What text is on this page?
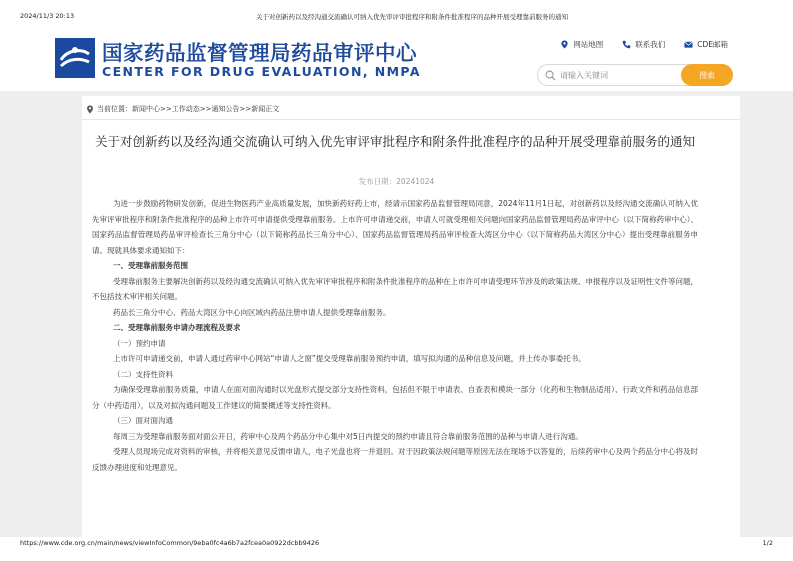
2024/11/3 20:13	关于对创新药以及经沟通交流确认可纳入优先审评审批程序和附条件批准程序的品种开展受理靠前服务的通知
国家药品监督管理局药品审评中心
CENTER FOR DRUG EVALUATION, NMPA
网站地图	联系我们	CDE邮箱
请输入关键词
搜索
当前位置： 新闻中心 >> 工作动态 >> 通知公告 >> 新闻正文
关于对创新药以及经沟通交流确认可纳入优先审评审批程序和附条件批准程序的品种开展受理靠前服务的通知
发布日期：20241024

为进一步鼓励药物研发创新，促进生物医药产业高质量发展，加快新药好药上市，经请示国家药品监督管理局同意，2024年11月1日起，对创新药以及经沟通交流确认可纳入优先审评审批程序和附条件批准程序的品种上市许可申请提供受理靠前服务。上市许可申请递交前，申请人可就受理相关问题向国家药品监督管理局药品审评中心（以下简称药审中心）、国家药品监督管理局药品审评检查长三角分中心（以下简称药品长三角分中心）、国家药品监督管理局药品审评检查大湾区分中心（以下简称药品大湾区分中心）提出受理靠前服务申请。现就具体要求通知如下：

一、受理靠前服务范围

受理靠前服务主要解决创新药以及经沟通交流确认可纳入优先审评审批程序和附条件批准程序的品种在上市许可申请受理环节涉及的政策法规、申报程序以及证明性文件等问题，不包括技术审评相关问题。

药品长三角分中心、药品大湾区分中心向区域内药品注册申请人提供受理靠前服务。

二、受理靠前服务申请办理流程及要求

（一）预约申请

上市许可申请递交前，申请人通过药审中心网站“申请人之窗”提交受理靠前服务预约申请，填写拟沟通的品种信息及问题，并上传办事委托书。

（二）支持性资料

为确保受理靠前服务质量，申请人在面对面沟通时以光盘形式提交部分支持性资料，包括但不限于申请表、自查表和模块一部分（化药和生物制品适用）、行政文件和药品信息部分（中药适用），以及对拟沟通问题及工作建议的简要概述等支持性资料。

（三）面对面沟通

每周三为受理靠前服务面对面公开日，药审中心及两个药品分中心集中对5日内提交的预约申请且符合靠前服务范围的品种与申请人进行沟通。

受理人员现场完成对资料的审核，并将相关意见反馈申请人，电子光盘也将一并退回。对于因政策法规问题等原因无法在现场予以答复的，后续药审中心及两个药品分中心将及时反馈办理进度和处理意见。

https://www.cde.org.cn/main/news/viewInfoCommon/9eba0fc4a6b7a2fcea0a0922dcbb9426	1/2
